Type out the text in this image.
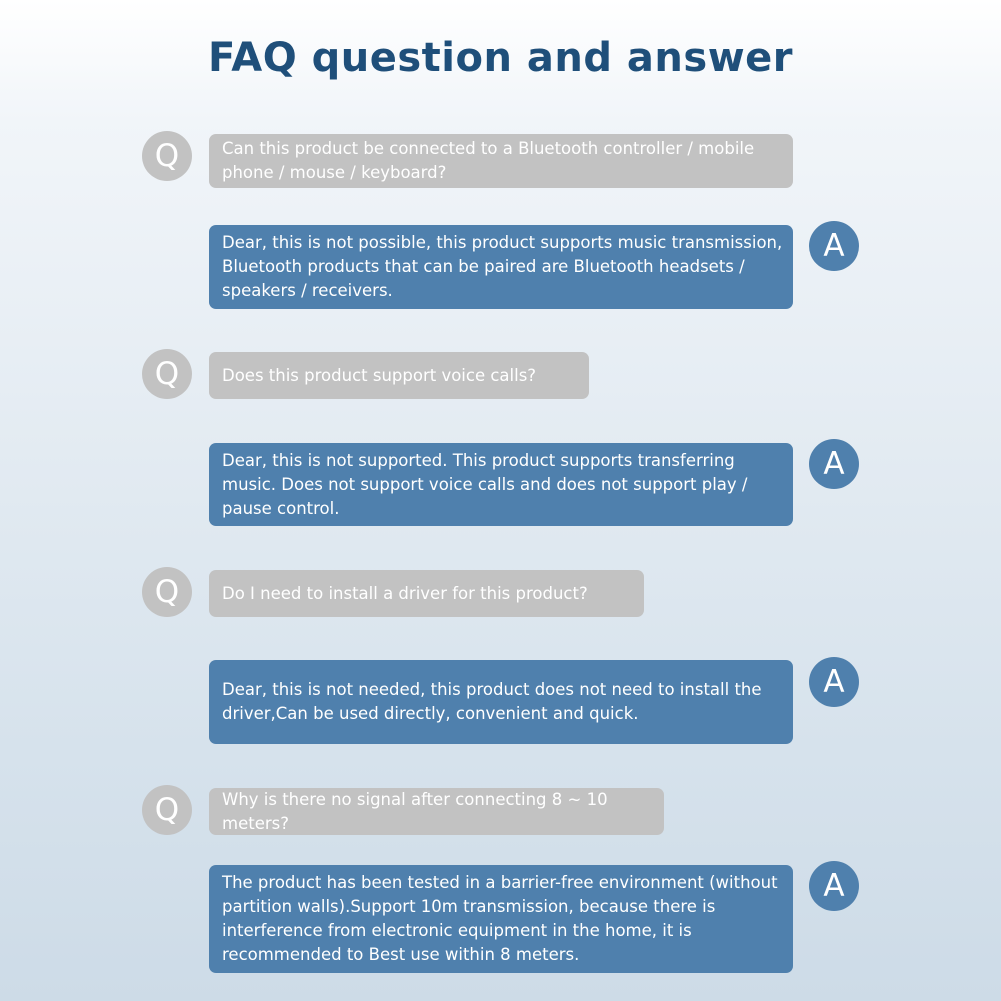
FAQ question and answer
Q	Can this product be connected to a Bluetooth controller / mobile phone / mouse / keyboard?
A
Dear, this is not possible, this product supports music transmission, Bluetooth products that can be paired are Bluetooth headsets / speakers / receivers.
Q	Does this product support voice calls?
A
Dear, this is not supported. This product supports transferring music. Does not support voice calls and does not support play / pause control.
Q	Do I need to install a driver for this product?
A
Dear, this is not needed, this product does not need to install the driver,Can be used directly, convenient and quick.
Q	Why is there no signal after connecting 8 ~ 10 meters?
A
The product has been tested in a barrier-free environment (without partition walls).Support 10m transmission, because there is interference from electronic equipment in the home, it is recommended to Best use within 8 meters.
